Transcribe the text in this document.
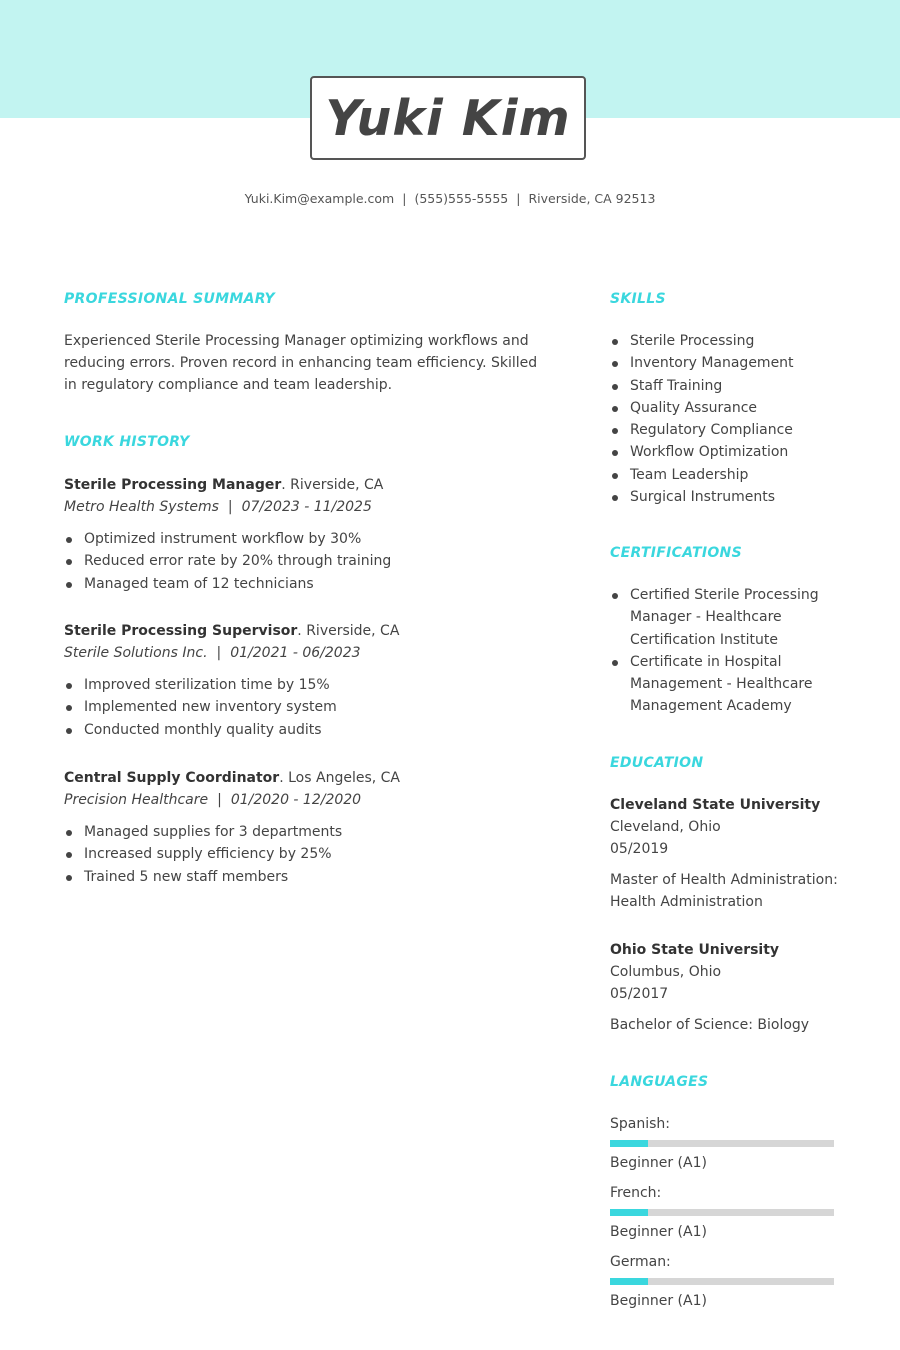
Yuki Kim
Yuki.Kim@example.com | (555)555-5555 | Riverside, CA 92513
PROFESSIONAL SUMMARY

Experienced Sterile Processing Manager optimizing workflows and reducing errors. Proven record in enhancing team efficiency. Skilled in regulatory compliance and team leadership.

WORK HISTORY
Sterile Processing Manager. Riverside, CA
Metro Health Systems | 07/2023 - 11/2025
Optimized instrument workflow by 30%
Reduced error rate by 20% through training
Managed team of 12 technicians
Sterile Processing Supervisor. Riverside, CA
Sterile Solutions Inc. | 01/2021 - 06/2023
Improved sterilization time by 15%
Implemented new inventory system
Conducted monthly quality audits
Central Supply Coordinator. Los Angeles, CA
Precision Healthcare | 01/2020 - 12/2020
Managed supplies for 3 departments
Increased supply efficiency by 25%
Trained 5 new staff members
SKILLS
Sterile Processing
Inventory Management
Staff Training
Quality Assurance
Regulatory Compliance
Workflow Optimization
Team Leadership
Surgical Instruments
CERTIFICATIONS
Certified Sterile Processing Manager - Healthcare Certification Institute
Certificate in Hospital Management - Healthcare Management Academy
EDUCATION
Cleveland State University
Cleveland, Ohio
05/2019
Master of Health Administration: Health Administration
Ohio State University
Columbus, Ohio
05/2017
Bachelor of Science: Biology
LANGUAGES
Spanish:
Beginner (A1)
French:
Beginner (A1)
German:
Beginner (A1)
